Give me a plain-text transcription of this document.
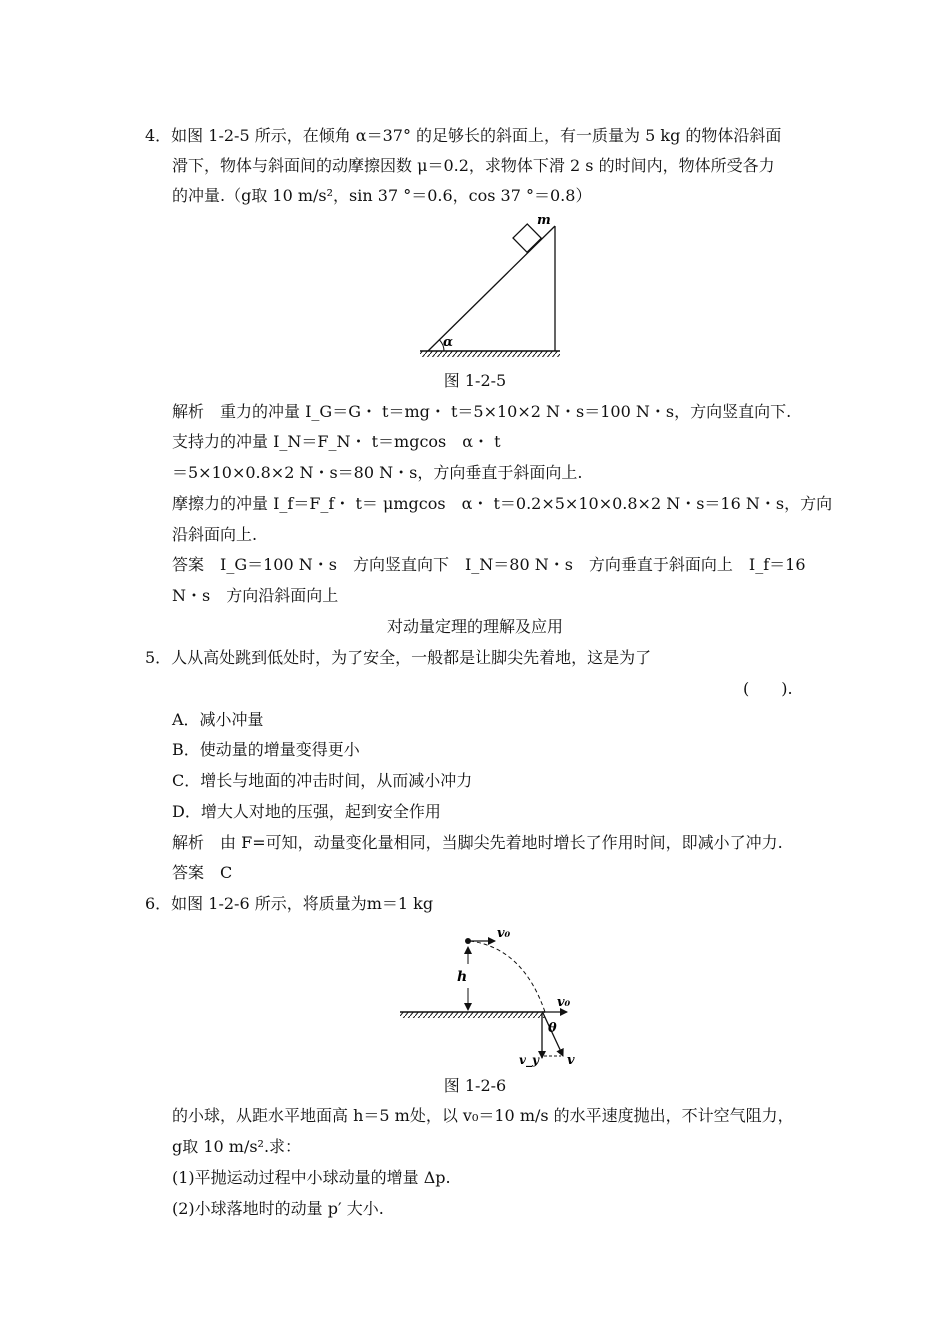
4．如图 1-2-5 所示，在倾角 α＝37° 的足够长的斜面上，有一质量为 5 kg 的物体沿斜面
滑下，物体与斜面间的动摩擦因数 μ＝0.2，求物体下滑 2 s 的时间内，物体所受各力
的冲量.（g取 10 m/s²，sin 37 °＝0.6，cos 37 °＝0.8）
m
α
图 1-2-5
解析　重力的冲量 I_G＝G・ t＝mg・ t＝5×10×2 N・s＝100 N・s，方向竖直向下.
支持力的冲量 I_N＝F_N・ t＝mgcos　α・ t
＝5×10×0.8×2 N・s＝80 N・s，方向垂直于斜面向上.
摩擦力的冲量 I_f＝F_f・ t＝ μmgcos　α・ t＝0.2×5×10×0.8×2 N・s＝16 N・s，方向
沿斜面向上.
答案　I_G＝100 N・s　方向竖直向下　I_N＝80 N・s　方向垂直于斜面向上　I_f＝16
N・s　方向沿斜面向上
对动量定理的理解及应用
5．人从高处跳到低处时，为了安全，一般都是让脚尖先着地，这是为了
(　　).
A．减小冲量
B．使动量的增量变得更小
C．增长与地面的冲击时间，从而减小冲力
D．增大人对地的压强，起到安全作用
解析　由 F=可知，动量变化量相同，当脚尖先着地时增长了作用时间，即减小了冲力.
答案　C
6．如图 1-2-6 所示，将质量为m＝1 kg
v₀
h
v₀
θ
v_y v
图 1-2-6
的小球，从距水平地面高 h＝5 m处，以 v₀＝10 m/s 的水平速度抛出，不计空气阻力，
g取 10 m/s².求：
(1)平抛运动过程中小球动量的增量 Δp.
(2)小球落地时的动量 p′ 大小.
